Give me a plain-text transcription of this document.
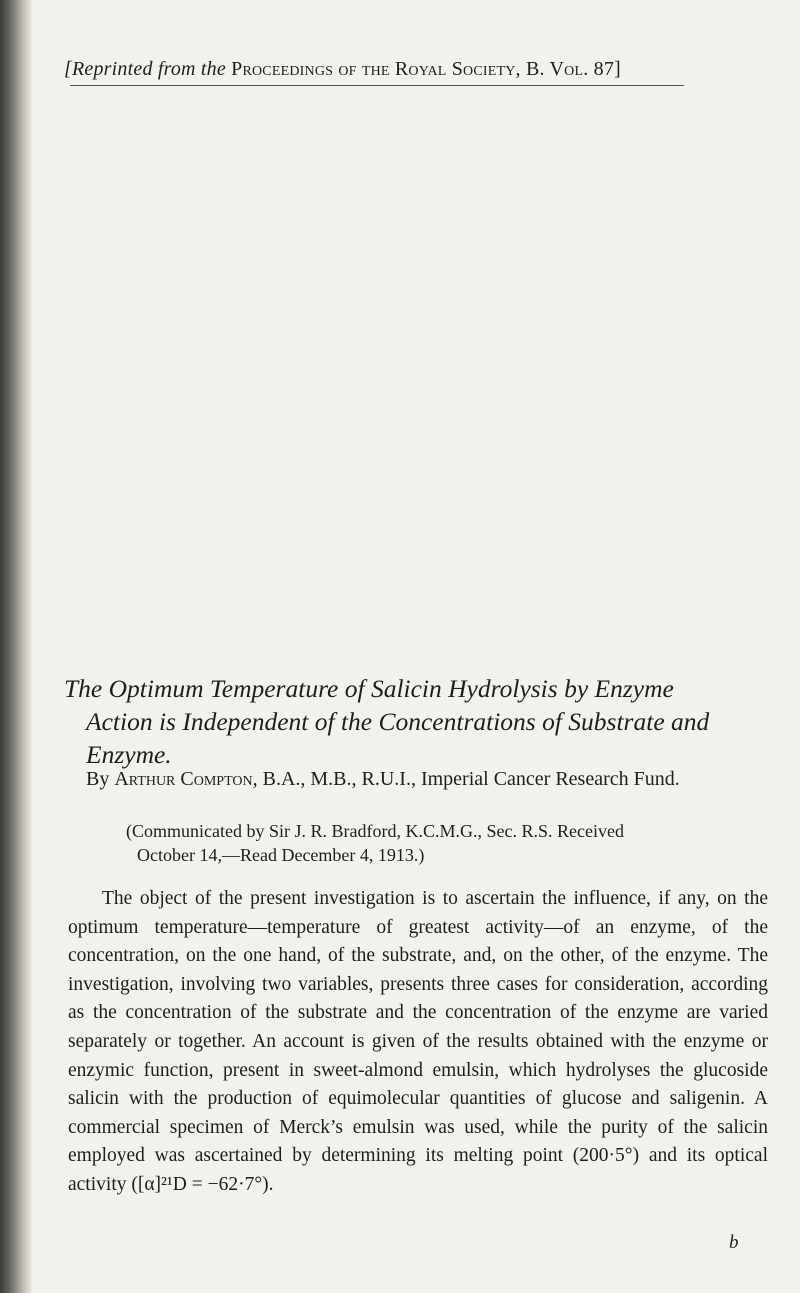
[Reprinted from the Proceedings of the Royal Society, B. Vol. 87]
The Optimum Temperature of Salicin Hydrolysis by Enzyme
Action is Independent of the Concentrations of Substrate and
Enzyme.
By Arthur Compton, B.A., M.B., R.U.I., Imperial Cancer Research Fund.
(Communicated by Sir J. R. Bradford, K.C.M.G., Sec. R.S. Received
October 14,—Read December 4, 1913.)

The object of the present investigation is to ascertain the influence, if any, on the optimum temperature—temperature of greatest activity—of an enzyme, of the concentration, on the one hand, of the substrate, and, on the other, of the enzyme. The investigation, involving two variables, presents three cases for consideration, according as the concentration of the substrate and the concentration of the enzyme are varied separately or together. An account is given of the results obtained with the enzyme or enzymic function, present in sweet-almond emulsin, which hydrolyses the glucoside salicin with the production of equimolecular quantities of glucose and saligenin. A commercial specimen of Merck’s emulsin was used, while the purity of the salicin employed was ascertained by determining its melting point (200·5°) and its optical activity ([α]²¹D = −62·7°).

b
